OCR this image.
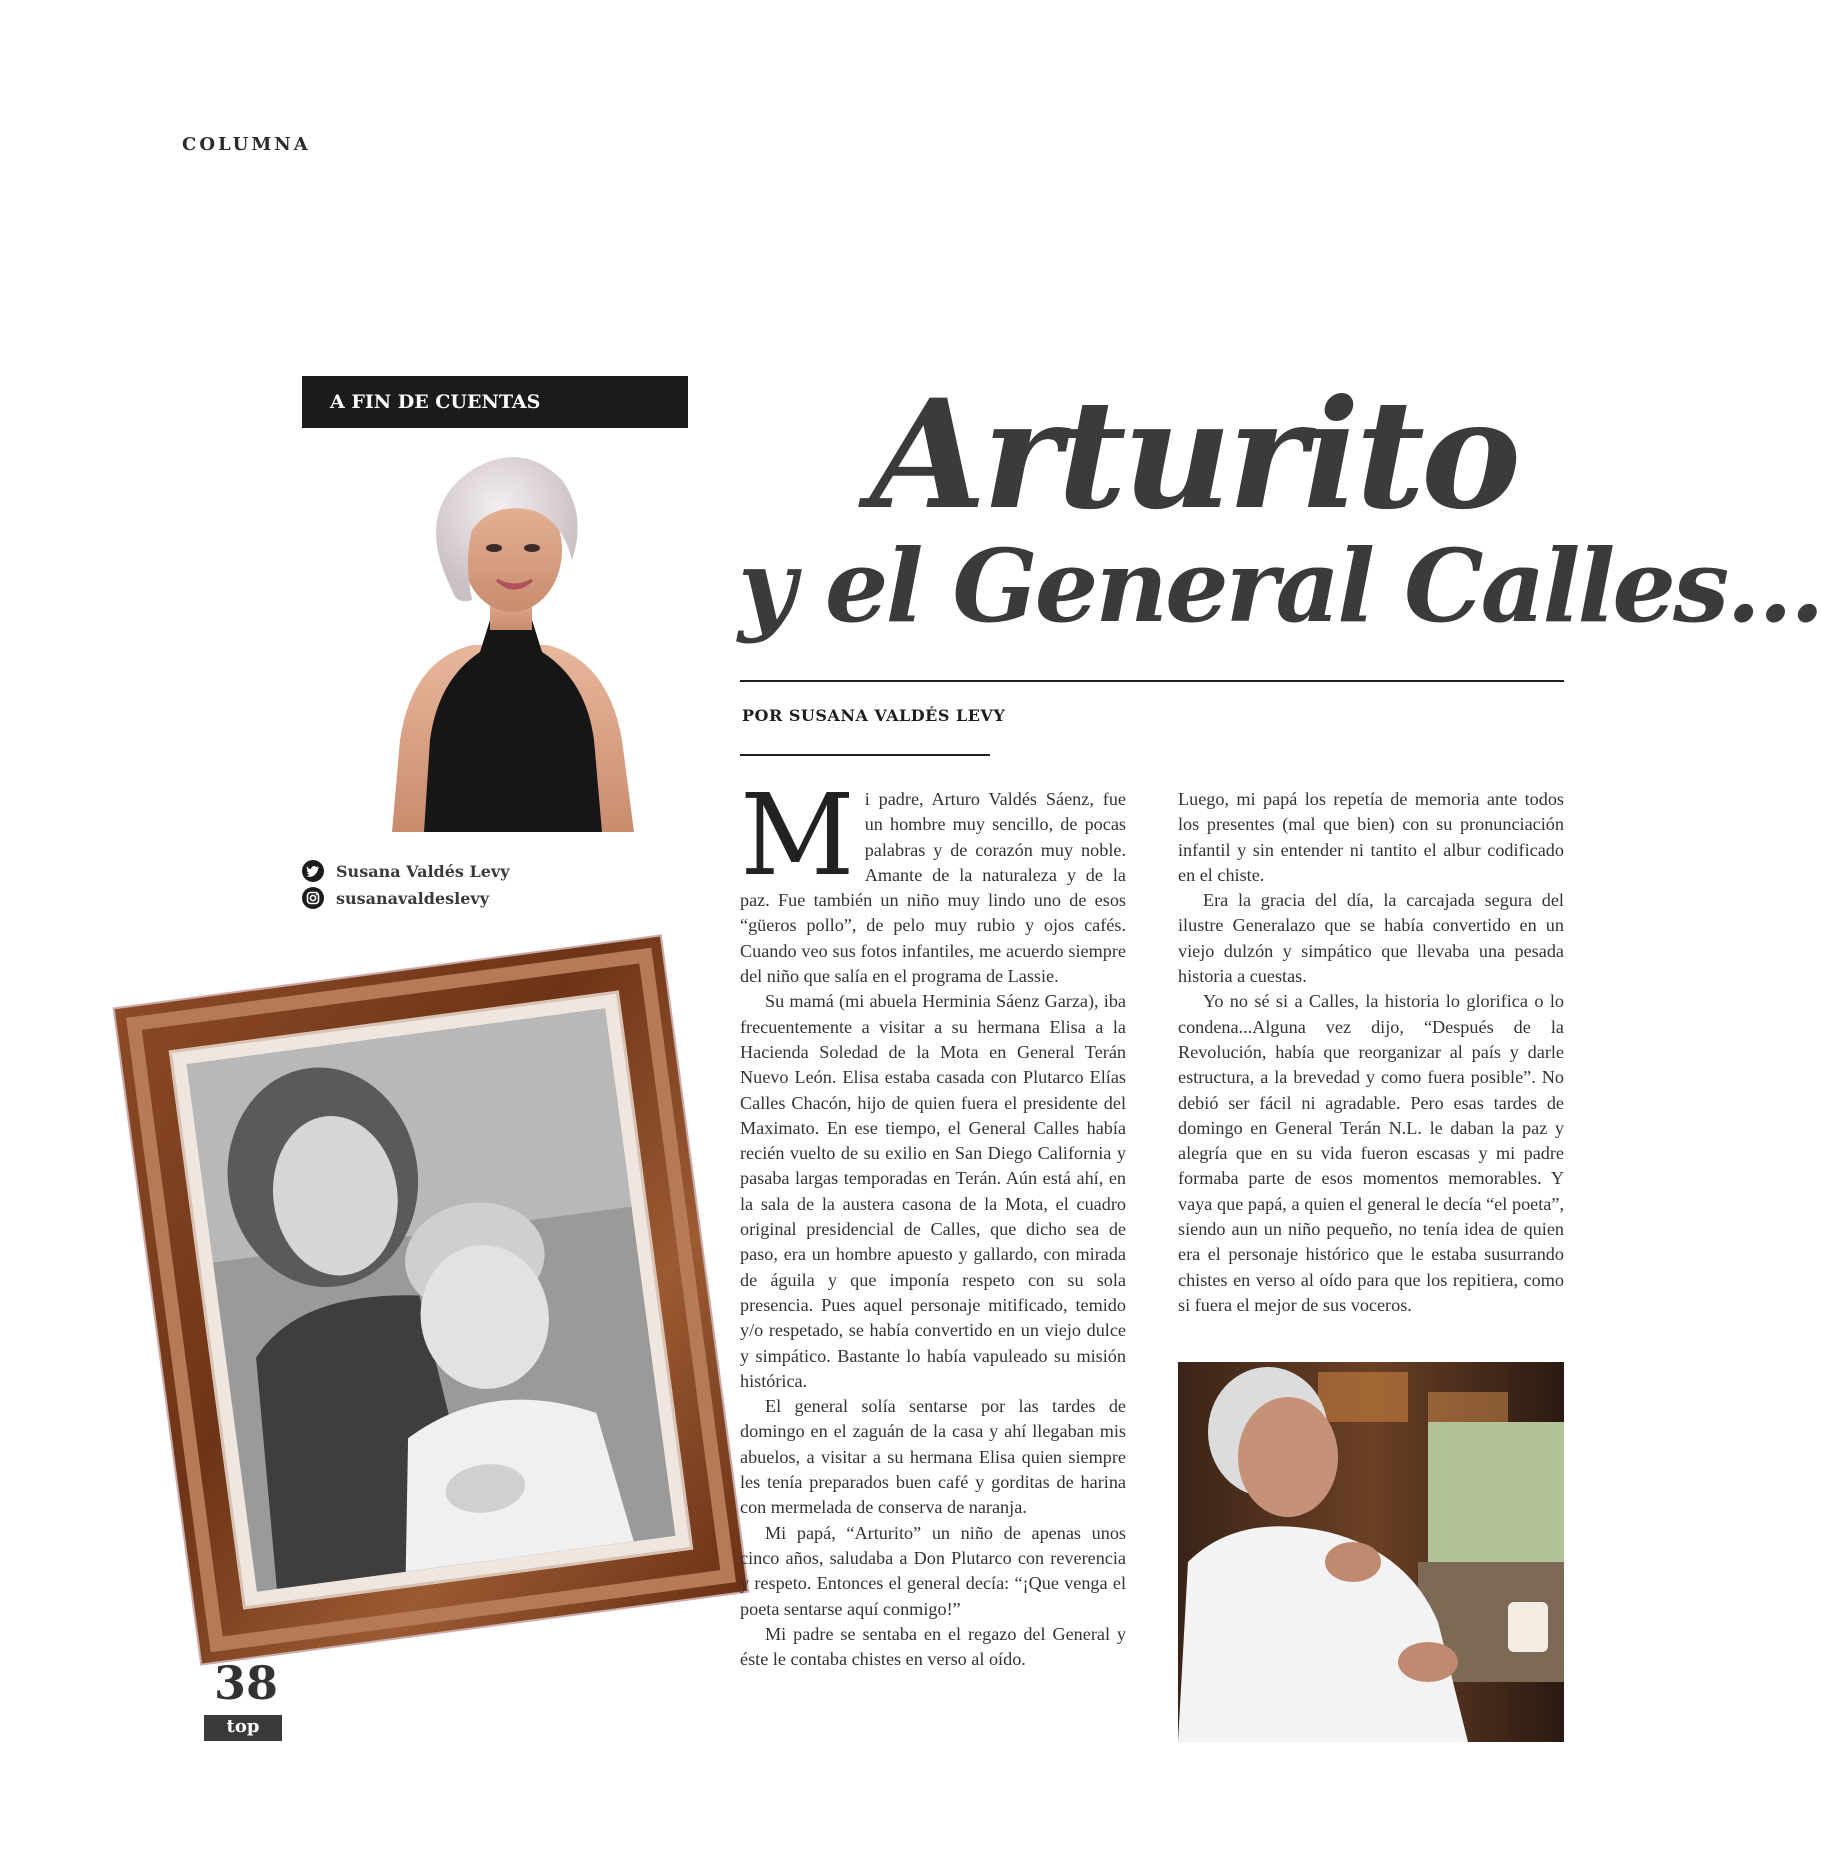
COLUMNA
A FIN DE CUENTAS
Susana Valdés Levy
susanavaldeslevy
Arturito
y el General Calles...
POR SUSANA VALDÉS LEVY

Mi padre, Arturo Valdés Sáenz, fue un hombre muy sencillo, de pocas palabras y de corazón muy noble. Amante de la naturaleza y de la paz. Fue también un niño muy lindo uno de esos “güeros pollo”, de pelo muy rubio y ojos cafés. Cuando veo sus fotos infantiles, me acuerdo siempre del niño que salía en el programa de Lassie.

Su mamá (mi abuela Herminia Sáenz Garza), iba frecuentemente a visitar a su hermana Elisa a la Hacienda Soledad de la Mota en General Terán Nuevo León. Elisa estaba casada con Plutarco Elías Calles Chacón, hijo de quien fuera el presidente del Maximato. En ese tiempo, el General Calles había recién vuelto de su exilio en San Diego California y pasaba largas temporadas en Terán. Aún está ahí, en la sala de la austera casona de la Mota, el cuadro original presidencial de Calles, que dicho sea de paso, era un hombre apuesto y gallardo, con mirada de águila y que imponía respeto con su sola presencia. Pues aquel personaje mitificado, temido y/o respetado, se había convertido en un viejo dulce y simpático. Bastante lo había vapuleado su misión histórica.

El general solía sentarse por las tardes de domingo en el zaguán de la casa y ahí llegaban mis abuelos, a visitar a su hermana Elisa quien siempre les tenía preparados buen café y gorditas de harina con mermelada de conserva de naranja.

Mi papá, “Arturito” un niño de apenas unos cinco años, saludaba a Don Plutarco con reverencia y respeto. Entonces el general decía: “¡Que venga el poeta sentarse aquí conmigo!”

Mi padre se sentaba en el regazo del General y éste le contaba chistes en verso al oído.

Luego, mi papá los repetía de memoria ante todos los presentes (mal que bien) con su pronunciación infantil y sin entender ni tantito el albur codificado en el chiste.

Era la gracia del día, la carcajada segura del ilustre Generalazo que se había convertido en un viejo dulzón y simpático que llevaba una pesada historia a cuestas.

Yo no sé si a Calles, la historia lo glorifica o lo condena...Alguna vez dijo, “Después de la Revolución, había que reorganizar al país y darle estructura, a la brevedad y como fuera posible”. No debió ser fácil ni agradable. Pero esas tardes de domingo en General Terán N.L. le daban la paz y alegría que en su vida fueron escasas y mi padre formaba parte de esos momentos memorables. Y vaya que papá, a quien el general le decía “el poeta”, siendo aun un niño pequeño, no tenía idea de quien era el personaje histórico que le estaba susurrando chistes en verso al oído para que los repitiera, como si fuera el mejor de sus voceros.

38
top
